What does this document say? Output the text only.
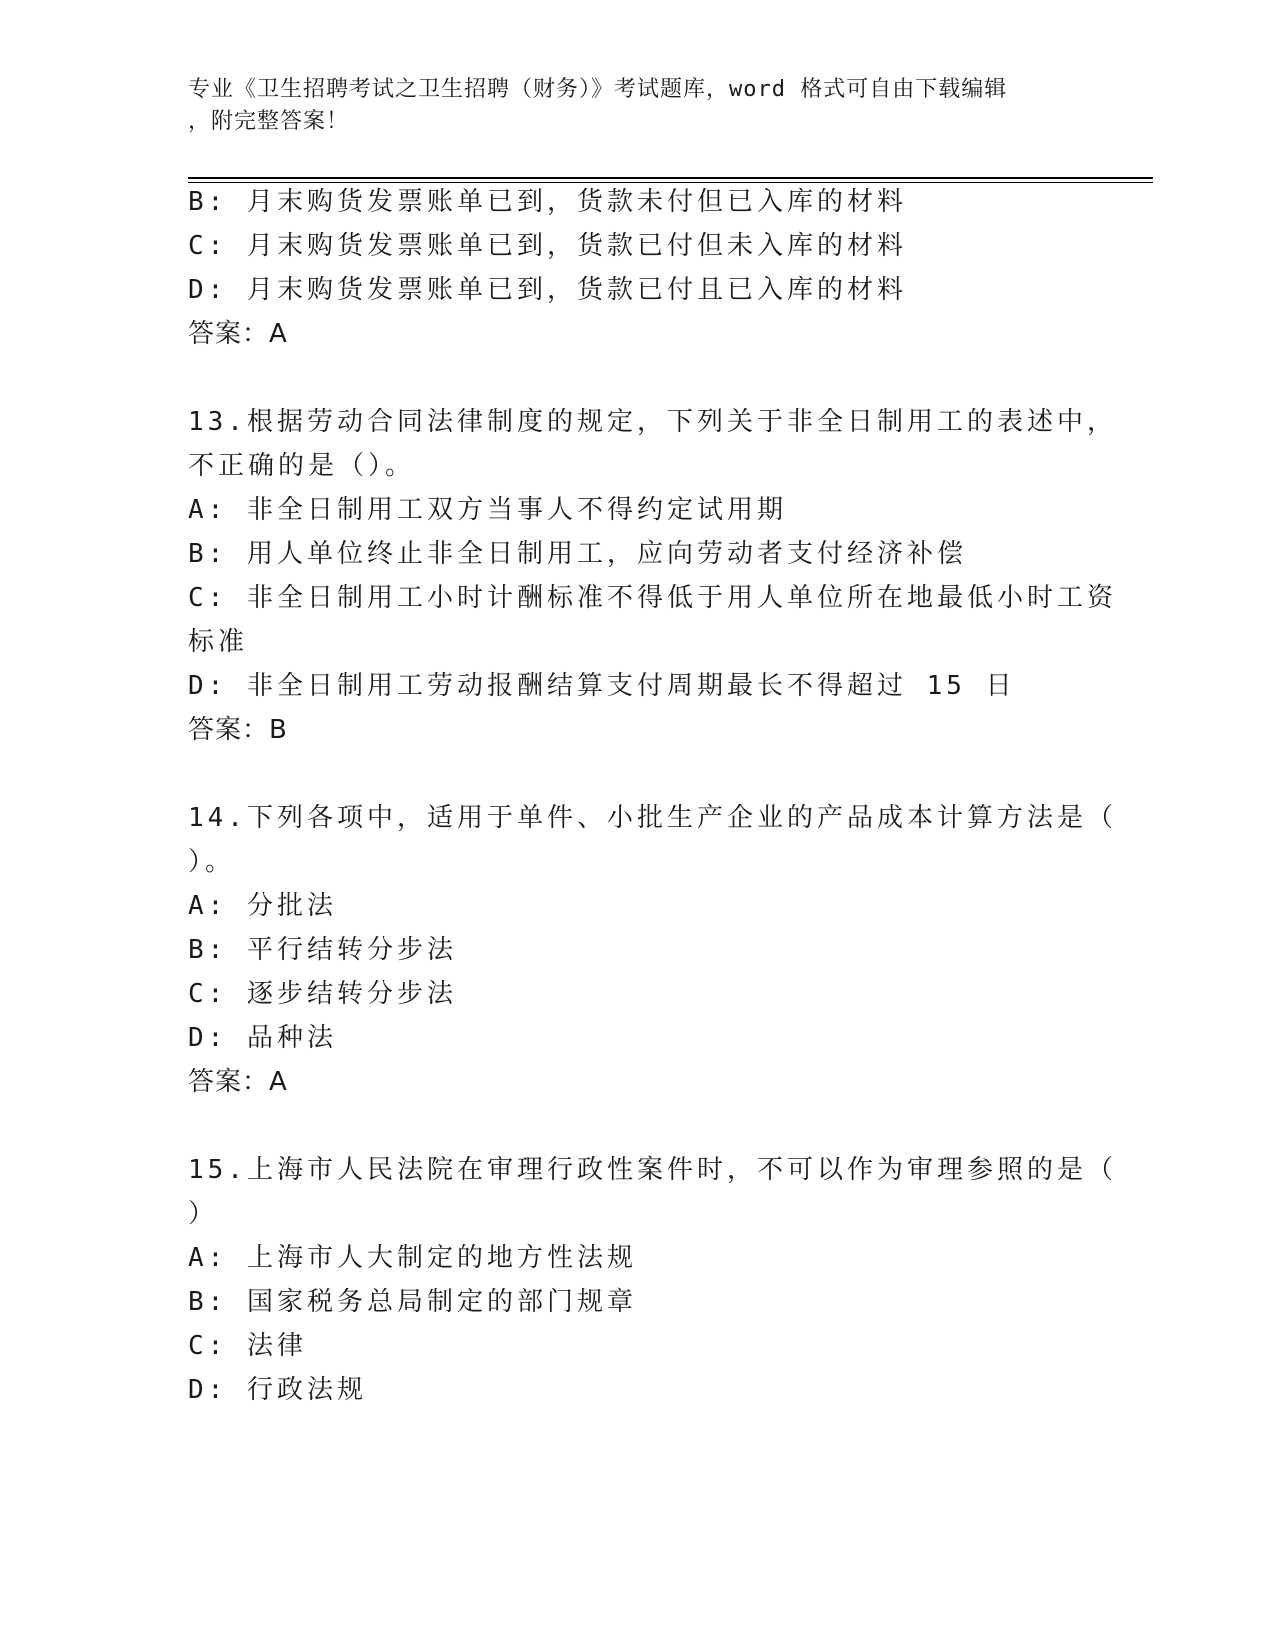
专业《卫生招聘考试之卫生招聘（财务）》考试题库，word 格式可自由下载编辑
，附完整答案！
B: 月末购货发票账单已到，货款未付但已入库的材料
C: 月末购货发票账单已到，货款已付但未入库的材料
D: 月末购货发票账单已到，货款已付且已入库的材料
答案：A
13.根据劳动合同法律制度的规定，下列关于非全日制用工的表述中，
不正确的是（）。
A: 非全日制用工双方当事人不得约定试用期
B: 用人单位终止非全日制用工，应向劳动者支付经济补偿
C: 非全日制用工小时计酬标准不得低于用人单位所在地最低小时工资
标准
D: 非全日制用工劳动报酬结算支付周期最长不得超过 15 日
答案：B
14.下列各项中，适用于单件、小批生产企业的产品成本计算方法是（
）。
A: 分批法
B: 平行结转分步法
C: 逐步结转分步法
D: 品种法
答案：A
15.上海市人民法院在审理行政性案件时，不可以作为审理参照的是（
）
A: 上海市人大制定的地方性法规
B: 国家税务总局制定的部门规章
C: 法律
D: 行政法规
